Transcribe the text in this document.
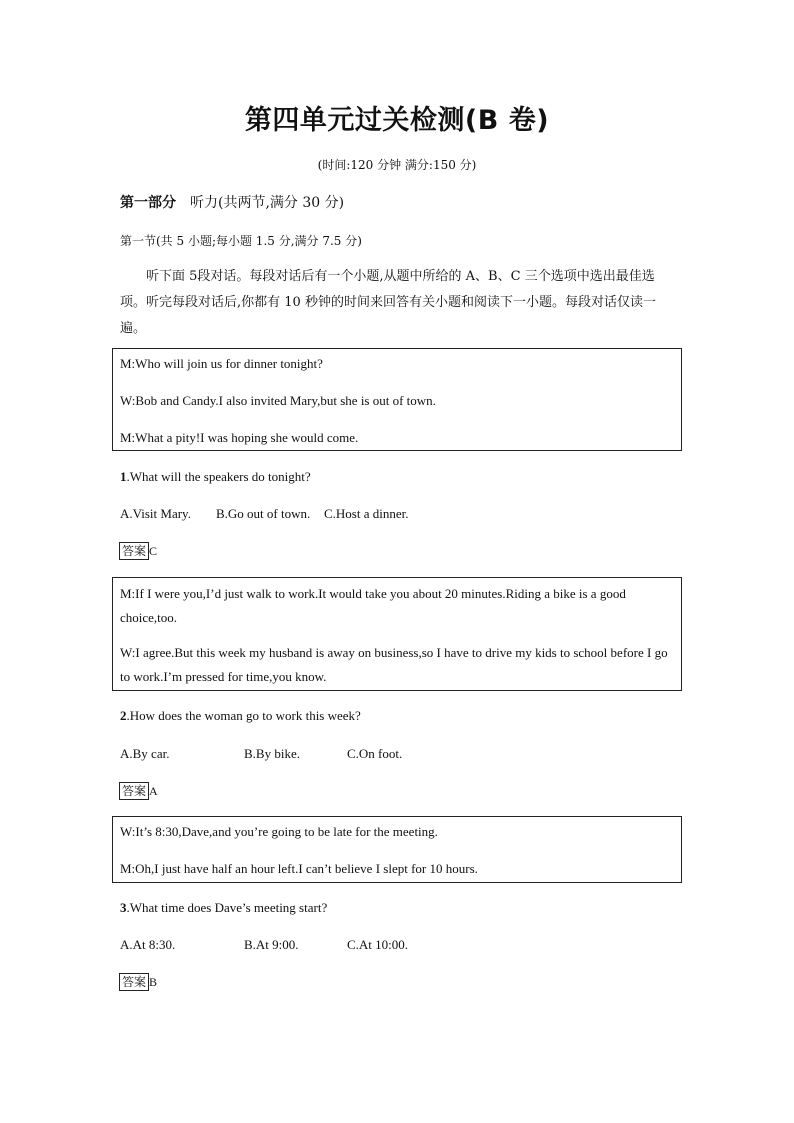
第四单元过关检测(B 卷)
(时间:120 分钟 满分:150 分)
第一部分 听力(共两节,满分 30 分)
第一节(共 5 小题;每小题 1.5 分,满分 7.5 分)
听下面 5段对话。每段对话后有一个小题,从题中所给的 A、B、C 三个选项中选出最佳选项。听完每段对话后,你都有 10 秒钟的时间来回答有关小题和阅读下一小题。每段对话仅读一遍。

M:Who will join us for dinner tonight?

W:Bob and Candy.I also invited Mary,but she is out of town.

M:What a pity!I was hoping she would come.

1.What will the speakers do tonight?
A.Visit Mary. B.Go out of town. C.Host a dinner.
答案 C

M:If I were you,I’d just walk to work.It would take you about 20 minutes.Riding a bike is a good choice,too.

W:I agree.But this week my husband is away on business,so I have to drive my kids to school before I go to work.I’m pressed for time,you know.

2.How does the woman go to work this week?
A.By car.	B.By bike.	C.On foot.
答案 A

W:It’s 8:30,Dave,and you’re going to be late for the meeting.

M:Oh,I just have half an hour left.I can’t believe I slept for 10 hours.

3.What time does Dave’s meeting start?
A.At 8:30.	B.At 9:00.	C.At 10:00.
答案 B
